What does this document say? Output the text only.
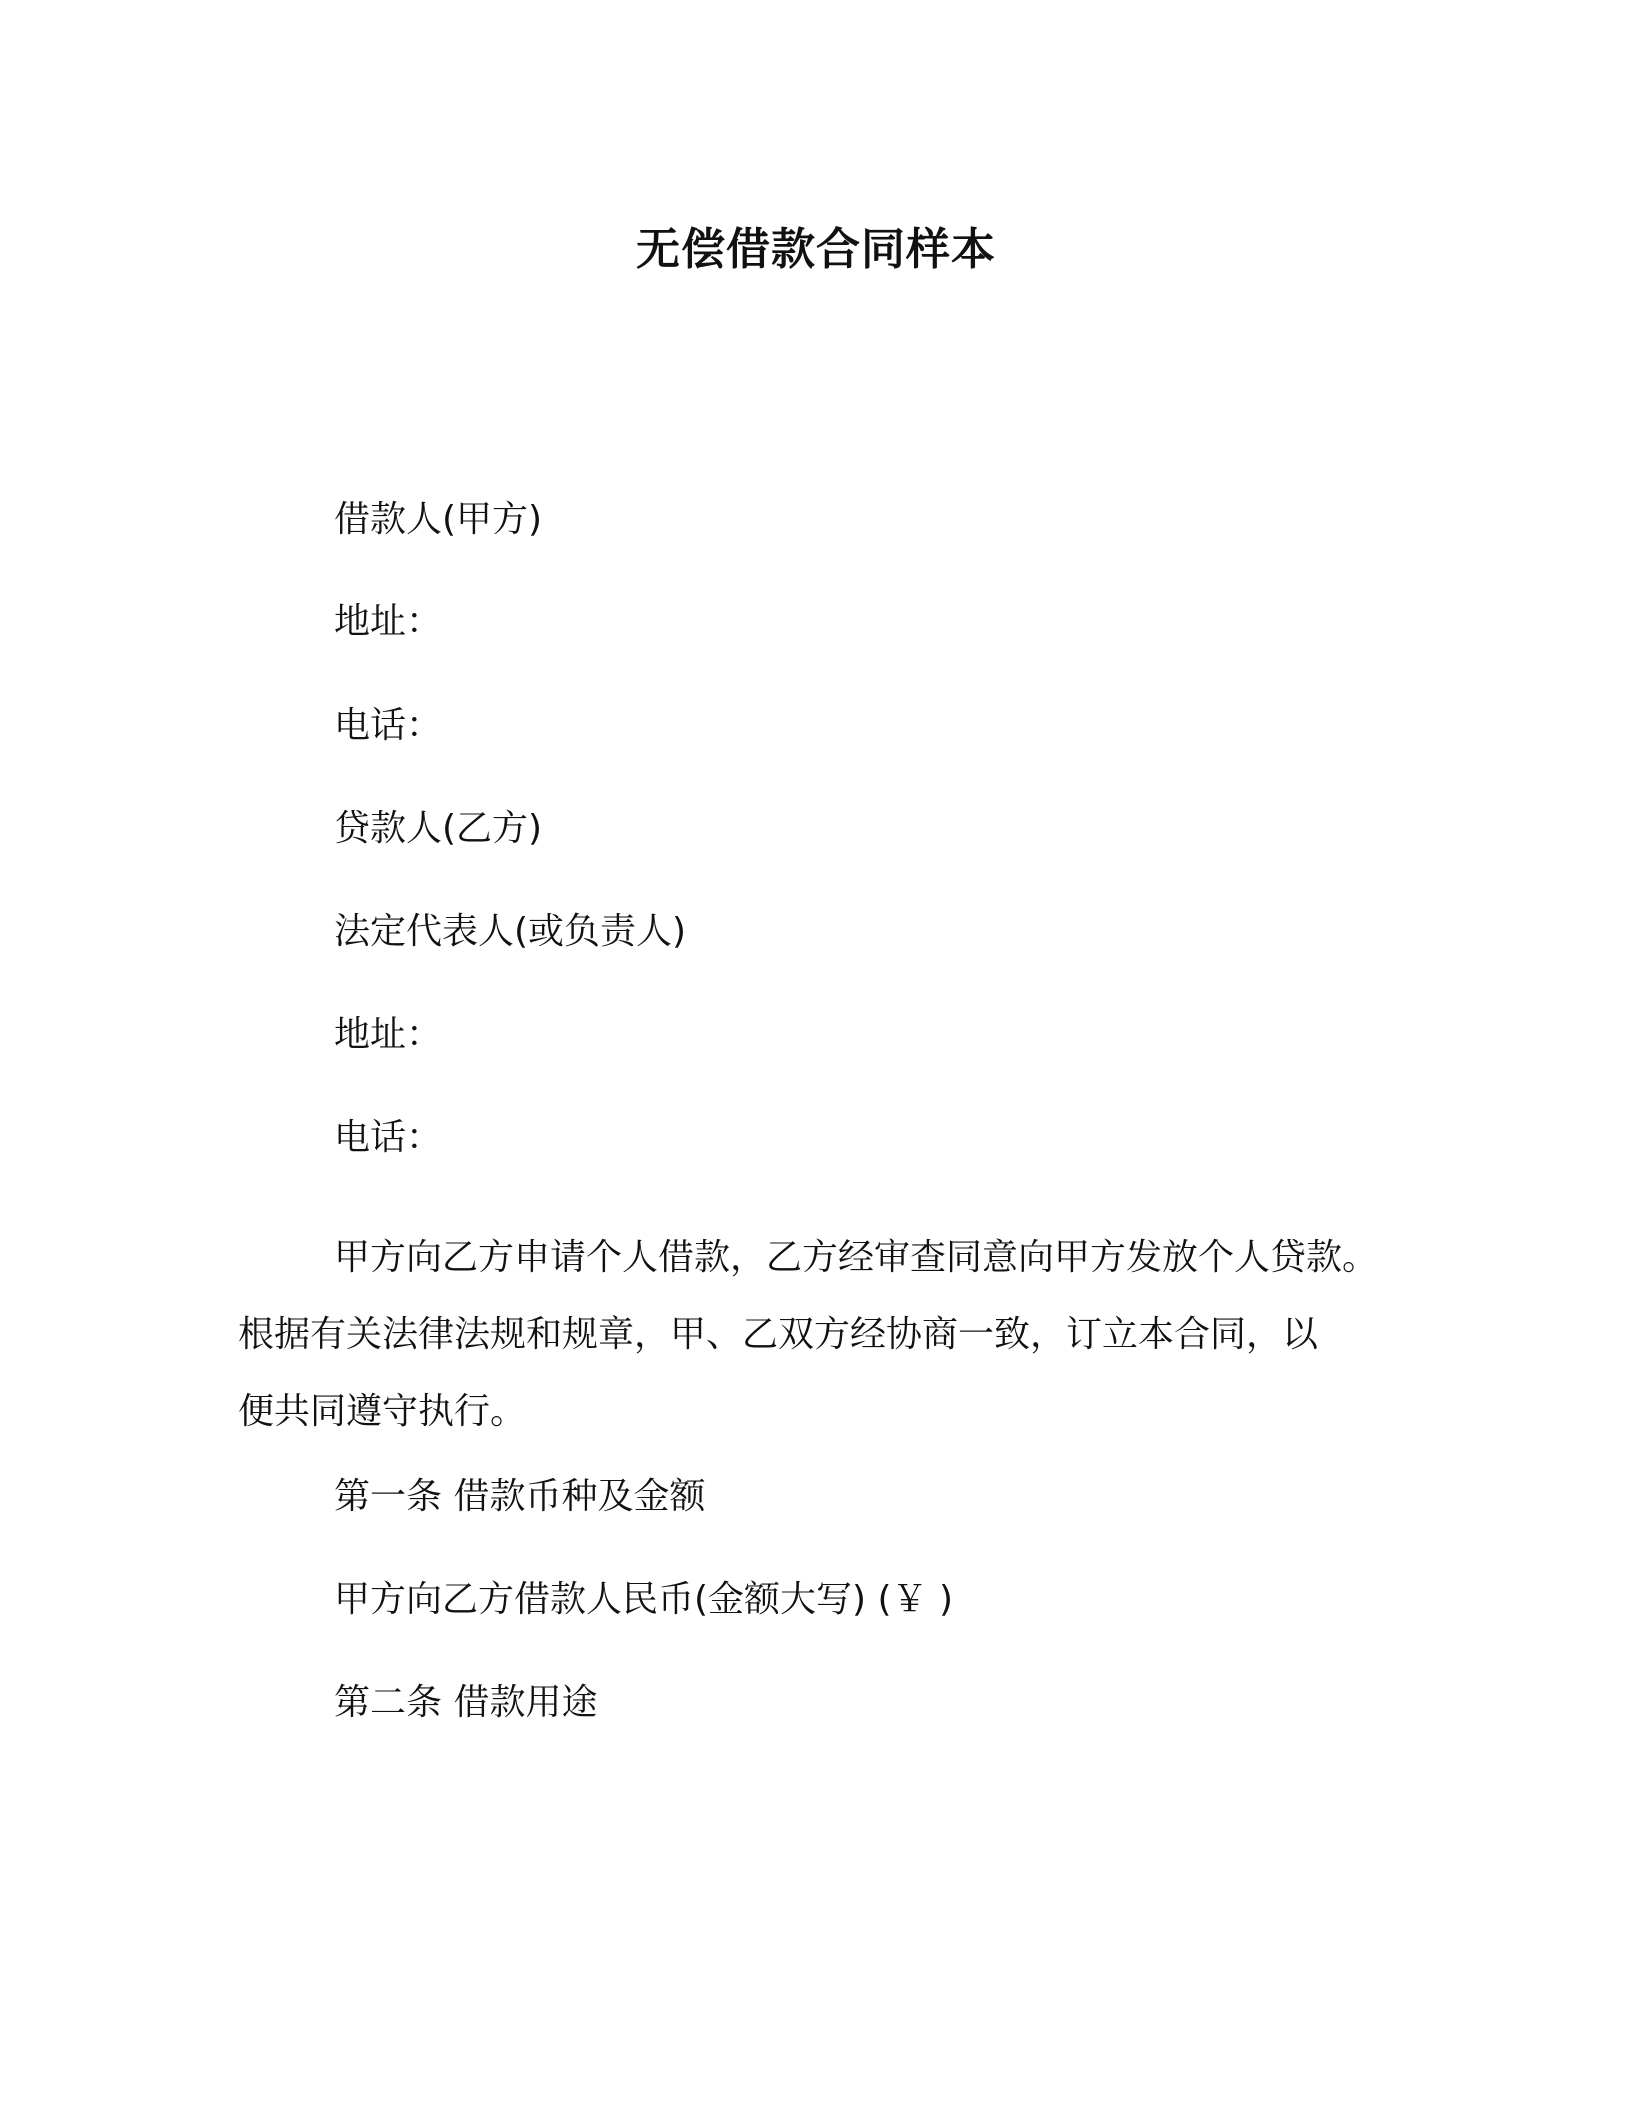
无偿借款合同样本
借款人(甲方)
地址：
电话：
贷款人(乙方)
法定代表人(或负责人)
地址：
电话：
甲方向乙方申请个人借款，乙方经审查同意向甲方发放个人贷款。
根据有关法律法规和规章，甲、乙双方经协商一致，订立本合同，以
便共同遵守执行。
第一条 借款币种及金额
甲方向乙方借款人民币(金额大写) (￥ )
第二条 借款用途
